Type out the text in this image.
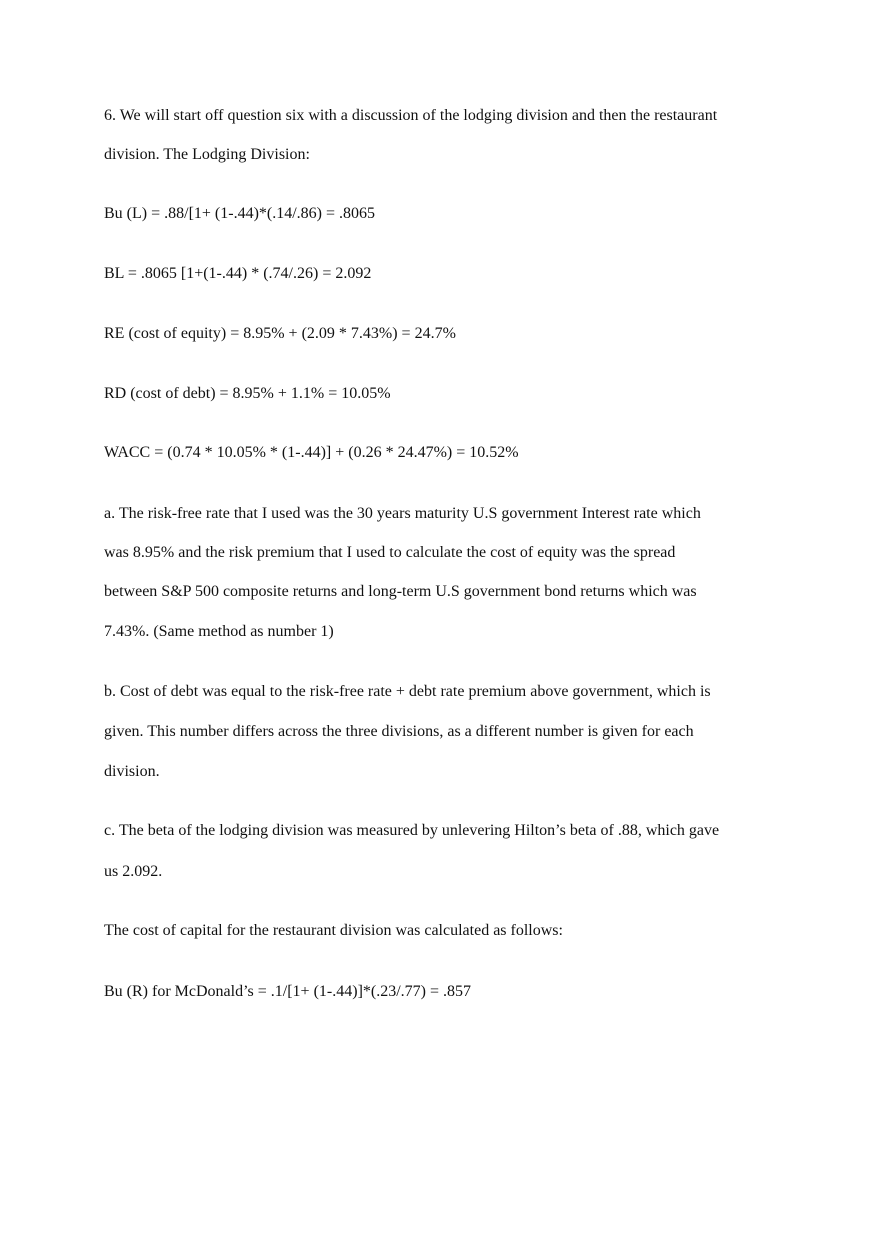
6. We will start off question six with a discussion of the lodging division and then the restaurant
division. The Lodging Division:
Bu (L) = .88/[1+ (1-.44)*(.14/.86) = .8065
BL = .8065 [1+(1-.44) * (.74/.26) = 2.092
RE (cost of equity) = 8.95% + (2.09 * 7.43%) = 24.7%
RD (cost of debt) = 8.95% + 1.1% = 10.05%
WACC = (0.74 * 10.05% * (1-.44)] + (0.26 * 24.47%) = 10.52%
a. The risk-free rate that I used was the 30 years maturity U.S government Interest rate which
was 8.95% and the risk premium that I used to calculate the cost of equity was the spread
between S&P 500 composite returns and long-term U.S government bond returns which was
7.43%. (Same method as number 1)
b. Cost of debt was equal to the risk-free rate + debt rate premium above government, which is
given. This number differs across the three divisions, as a different number is given for each
division.
c. The beta of the lodging division was measured by unlevering Hilton’s beta of .88, which gave
us 2.092.
The cost of capital for the restaurant division was calculated as follows:
Bu (R) for McDonald’s = .1/[1+ (1-.44)]*(.23/.77) = .857
